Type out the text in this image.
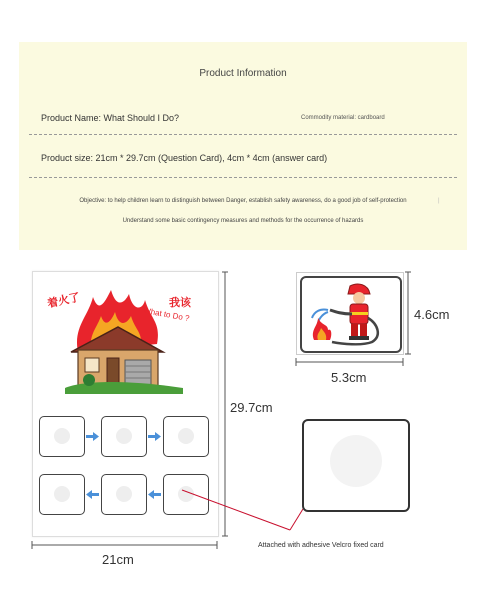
Product Information
Product Name: What Should I Do?	Commodity material: cardboard
Product size: 21cm * 29.7cm (Question Card), 4cm * 4cm (answer card)
Objective: to help children learn to distinguish between Danger, establish safety awareness, do a good job of self-protection	|
Understand some basic contingency measures and methods for the occurrence of hazards
着火了	我该
What to Do ?
29.7cm
21cm
4.6cm
5.3cm
Attached with adhesive Velcro fixed card
